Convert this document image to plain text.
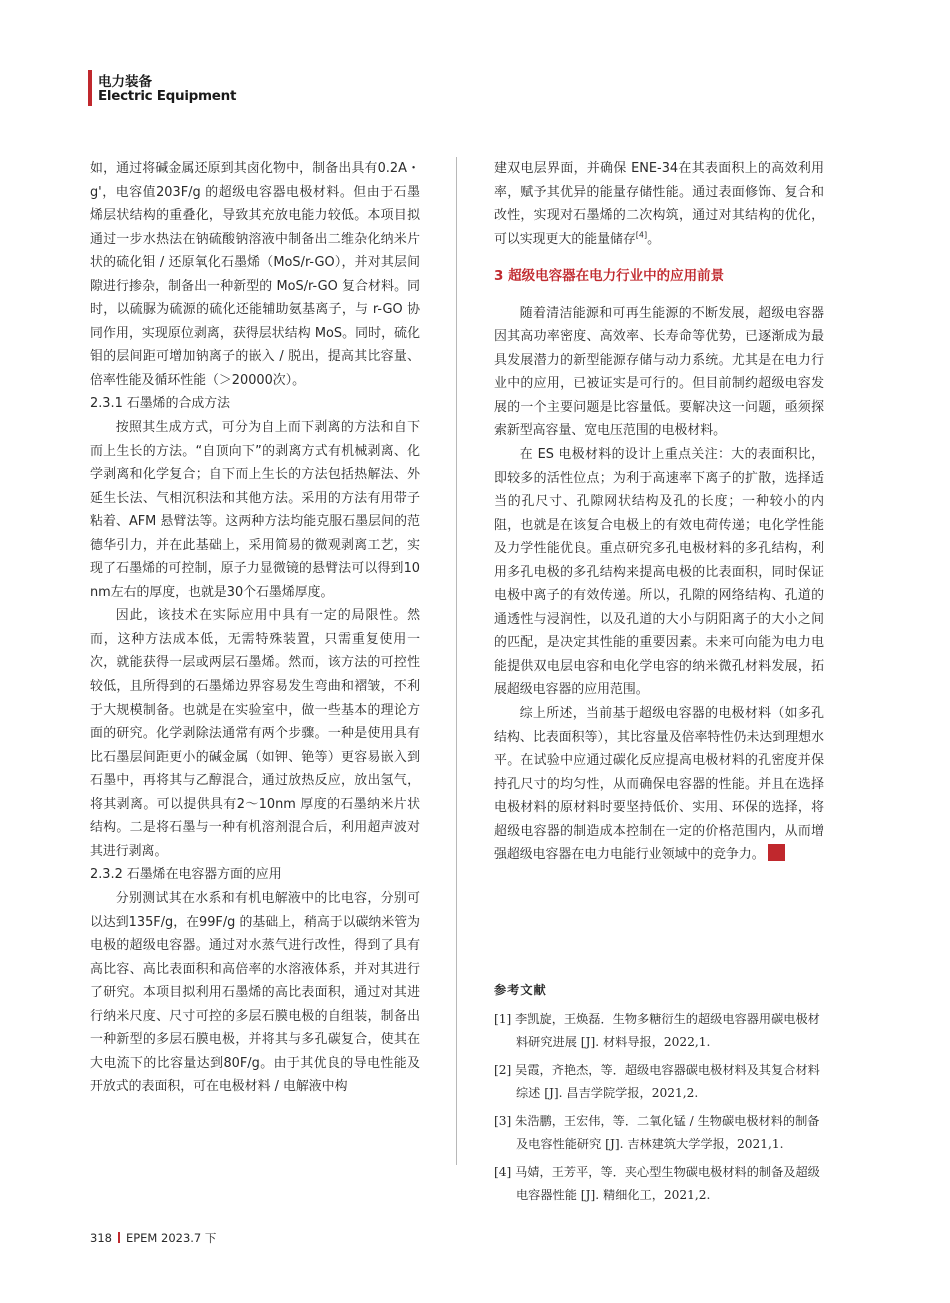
电力装备
Electric Equipment

如，通过将碱金属还原到其卤化物中，制备出具有0.2A・g'，电容值203F/g 的超级电容器电极材料。但由于石墨烯层状结构的重叠化，导致其充放电能力较低。本项目拟通过一步水热法在钠硫酸钠溶液中制备出二维杂化纳米片状的硫化钼 / 还原氧化石墨烯（MoS/r-GO），并对其层间隙进行掺杂，制备出一种新型的 MoS/r-GO 复合材料。同时，以硫脲为硫源的硫化还能辅助氨基离子，与 r-GO 协同作用，实现原位剥离，获得层状结构 MoS。同时，硫化钼的层间距可增加钠离子的嵌入 / 脱出，提高其比容量、倍率性能及循环性能（＞20000次）。

2.3.1 石墨烯的合成方法

按照其生成方式，可分为自上而下剥离的方法和自下而上生长的方法。“自顶向下”的剥离方式有机械剥离、化学剥离和化学复合；自下而上生长的方法包括热解法、外延生长法、气相沉积法和其他方法。采用的方法有用带子粘着、AFM 悬臂法等。这两种方法均能克服石墨层间的范德华引力，并在此基础上，采用简易的微观剥离工艺，实现了石墨烯的可控制，原子力显微镜的悬臂法可以得到10nm左右的厚度，也就是30个石墨烯厚度。

因此，该技术在实际应用中具有一定的局限性。然而，这种方法成本低，无需特殊装置，只需重复使用一次，就能获得一层或两层石墨烯。然而，该方法的可控性较低，且所得到的石墨烯边界容易发生弯曲和褶皱，不利于大规模制备。也就是在实验室中，做一些基本的理论方面的研究。化学剥除法通常有两个步骤。一种是使用具有比石墨层间距更小的碱金属（如钾、铯等）更容易嵌入到石墨中，再将其与乙醇混合，通过放热反应，放出氢气，将其剥离。可以提供具有2～10nm 厚度的石墨纳米片状结构。二是将石墨与一种有机溶剂混合后，利用超声波对其进行剥离。

2.3.2 石墨烯在电容器方面的应用

分别测试其在水系和有机电解液中的比电容，分别可以达到135F/g，在99F/g 的基础上，稍高于以碳纳米管为电极的超级电容器。通过对水蒸气进行改性，得到了具有高比容、高比表面积和高倍率的水溶液体系，并对其进行了研究。本项目拟利用石墨烯的高比表面积，通过对其进行纳米尺度、尺寸可控的多层石膜电极的自组装，制备出一种新型的多层石膜电极，并将其与多孔碳复合，使其在大电流下的比容量达到80F/g。由于其优良的导电性能及开放式的表面积，可在电极材料 / 电解液中构

建双电层界面，并确保 ENE-34在其表面积上的高效利用率，赋予其优异的能量存储性能。通过表面修饰、复合和改性，实现对石墨烯的二次构筑，通过对其结构的优化，可以实现更大的能量储存[4]。

3 超级电容器在电力行业中的应用前景

随着清洁能源和可再生能源的不断发展，超级电容器因其高功率密度、高效率、长寿命等优势，已逐渐成为最具发展潜力的新型能源存储与动力系统。尤其是在电力行业中的应用，已被证实是可行的。但目前制约超级电容发展的一个主要问题是比容量低。要解决这一问题，亟须探索新型高容量、宽电压范围的电极材料。

在 ES 电极材料的设计上重点关注：大的表面积比，即较多的活性位点；为利于高速率下离子的扩散，选择适当的孔尺寸、孔隙网状结构及孔的长度；一种较小的内阻，也就是在该复合电极上的有效电荷传递；电化学性能及力学性能优良。重点研究多孔电极材料的多孔结构，利用多孔电极的多孔结构来提高电极的比表面积，同时保证电极中离子的有效传递。所以，孔隙的网络结构、孔道的通透性与浸润性，以及孔道的大小与阴阳离子的大小之间的匹配，是决定其性能的重要因素。未来可向能为电力电能提供双电层电容和电化学电容的纳米微孔材料发展，拓展超级电容器的应用范围。

综上所述，当前基于超级电容器的电极材料（如多孔结构、比表面积等），其比容量及倍率特性仍未达到理想水平。在试验中应通过碳化反应提高电极材料的孔密度并保持孔尺寸的均匀性，从而确保电容器的性能。并且在选择电极材料的原材料时要坚持低价、实用、环保的选择，将超级电容器的制造成本控制在一定的价格范围内，从而增强超级电容器在电力电能行业领域中的竞争力。★

参考文献
[1] 李凯旋，王焕磊．生物多糖衍生的超级电容器用碳电极材料研究进展 [J]. 材料导报，2022,1.
[2] 吴霞，齐艳杰，等．超级电容器碳电极材料及其复合材料综述 [J]. 昌吉学院学报，2021,2.
[3] 朱浩鹏，王宏伟，等．二氧化锰 / 生物碳电极材料的制备及电容性能研究 [J]. 吉林建筑大学学报，2021,1.
[4] 马婧，王芳平，等．夹心型生物碳电极材料的制备及超级电容器性能 [J]. 精细化工，2021,2.
318 EPEM 2023.7 下
